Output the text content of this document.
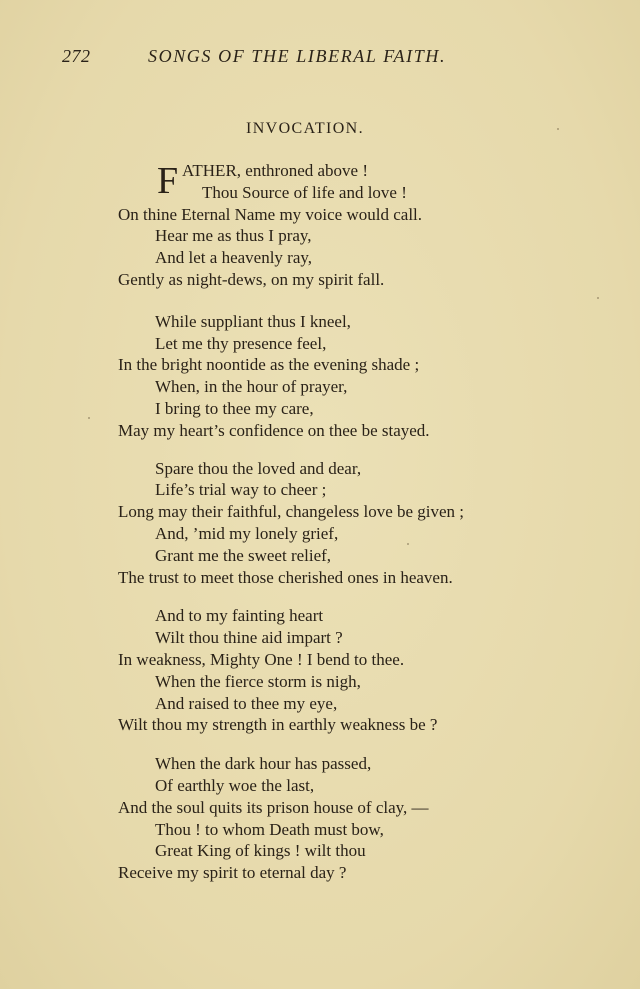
272	SONGS OF THE LIBERAL FAITH.
INVOCATION.
F ATHER, enthroned above !
Thou Source of life and love !
On thine Eternal Name my voice would call.
Hear me as thus I pray,
And let a heavenly ray,
Gently as night-dews, on my spirit fall.
While suppliant thus I kneel,
Let me thy presence feel,
In the bright noontide as the evening shade ;
When, in the hour of prayer,
I bring to thee my care,
May my heart’s confidence on thee be stayed.
Spare thou the loved and dear,
Life’s trial way to cheer ;
Long may their faithful, changeless love be given ;
And, ’mid my lonely grief,
Grant me the sweet relief,
The trust to meet those cherished ones in heaven.
And to my fainting heart
Wilt thou thine aid impart ?
In weakness, Mighty One ! I bend to thee.
When the fierce storm is nigh,
And raised to thee my eye,
Wilt thou my strength in earthly weakness be ?
When the dark hour has passed,
Of earthly woe the last,
And the soul quits its prison house of clay, —
Thou ! to whom Death must bow,
Great King of kings ! wilt thou
Receive my spirit to eternal day ?
